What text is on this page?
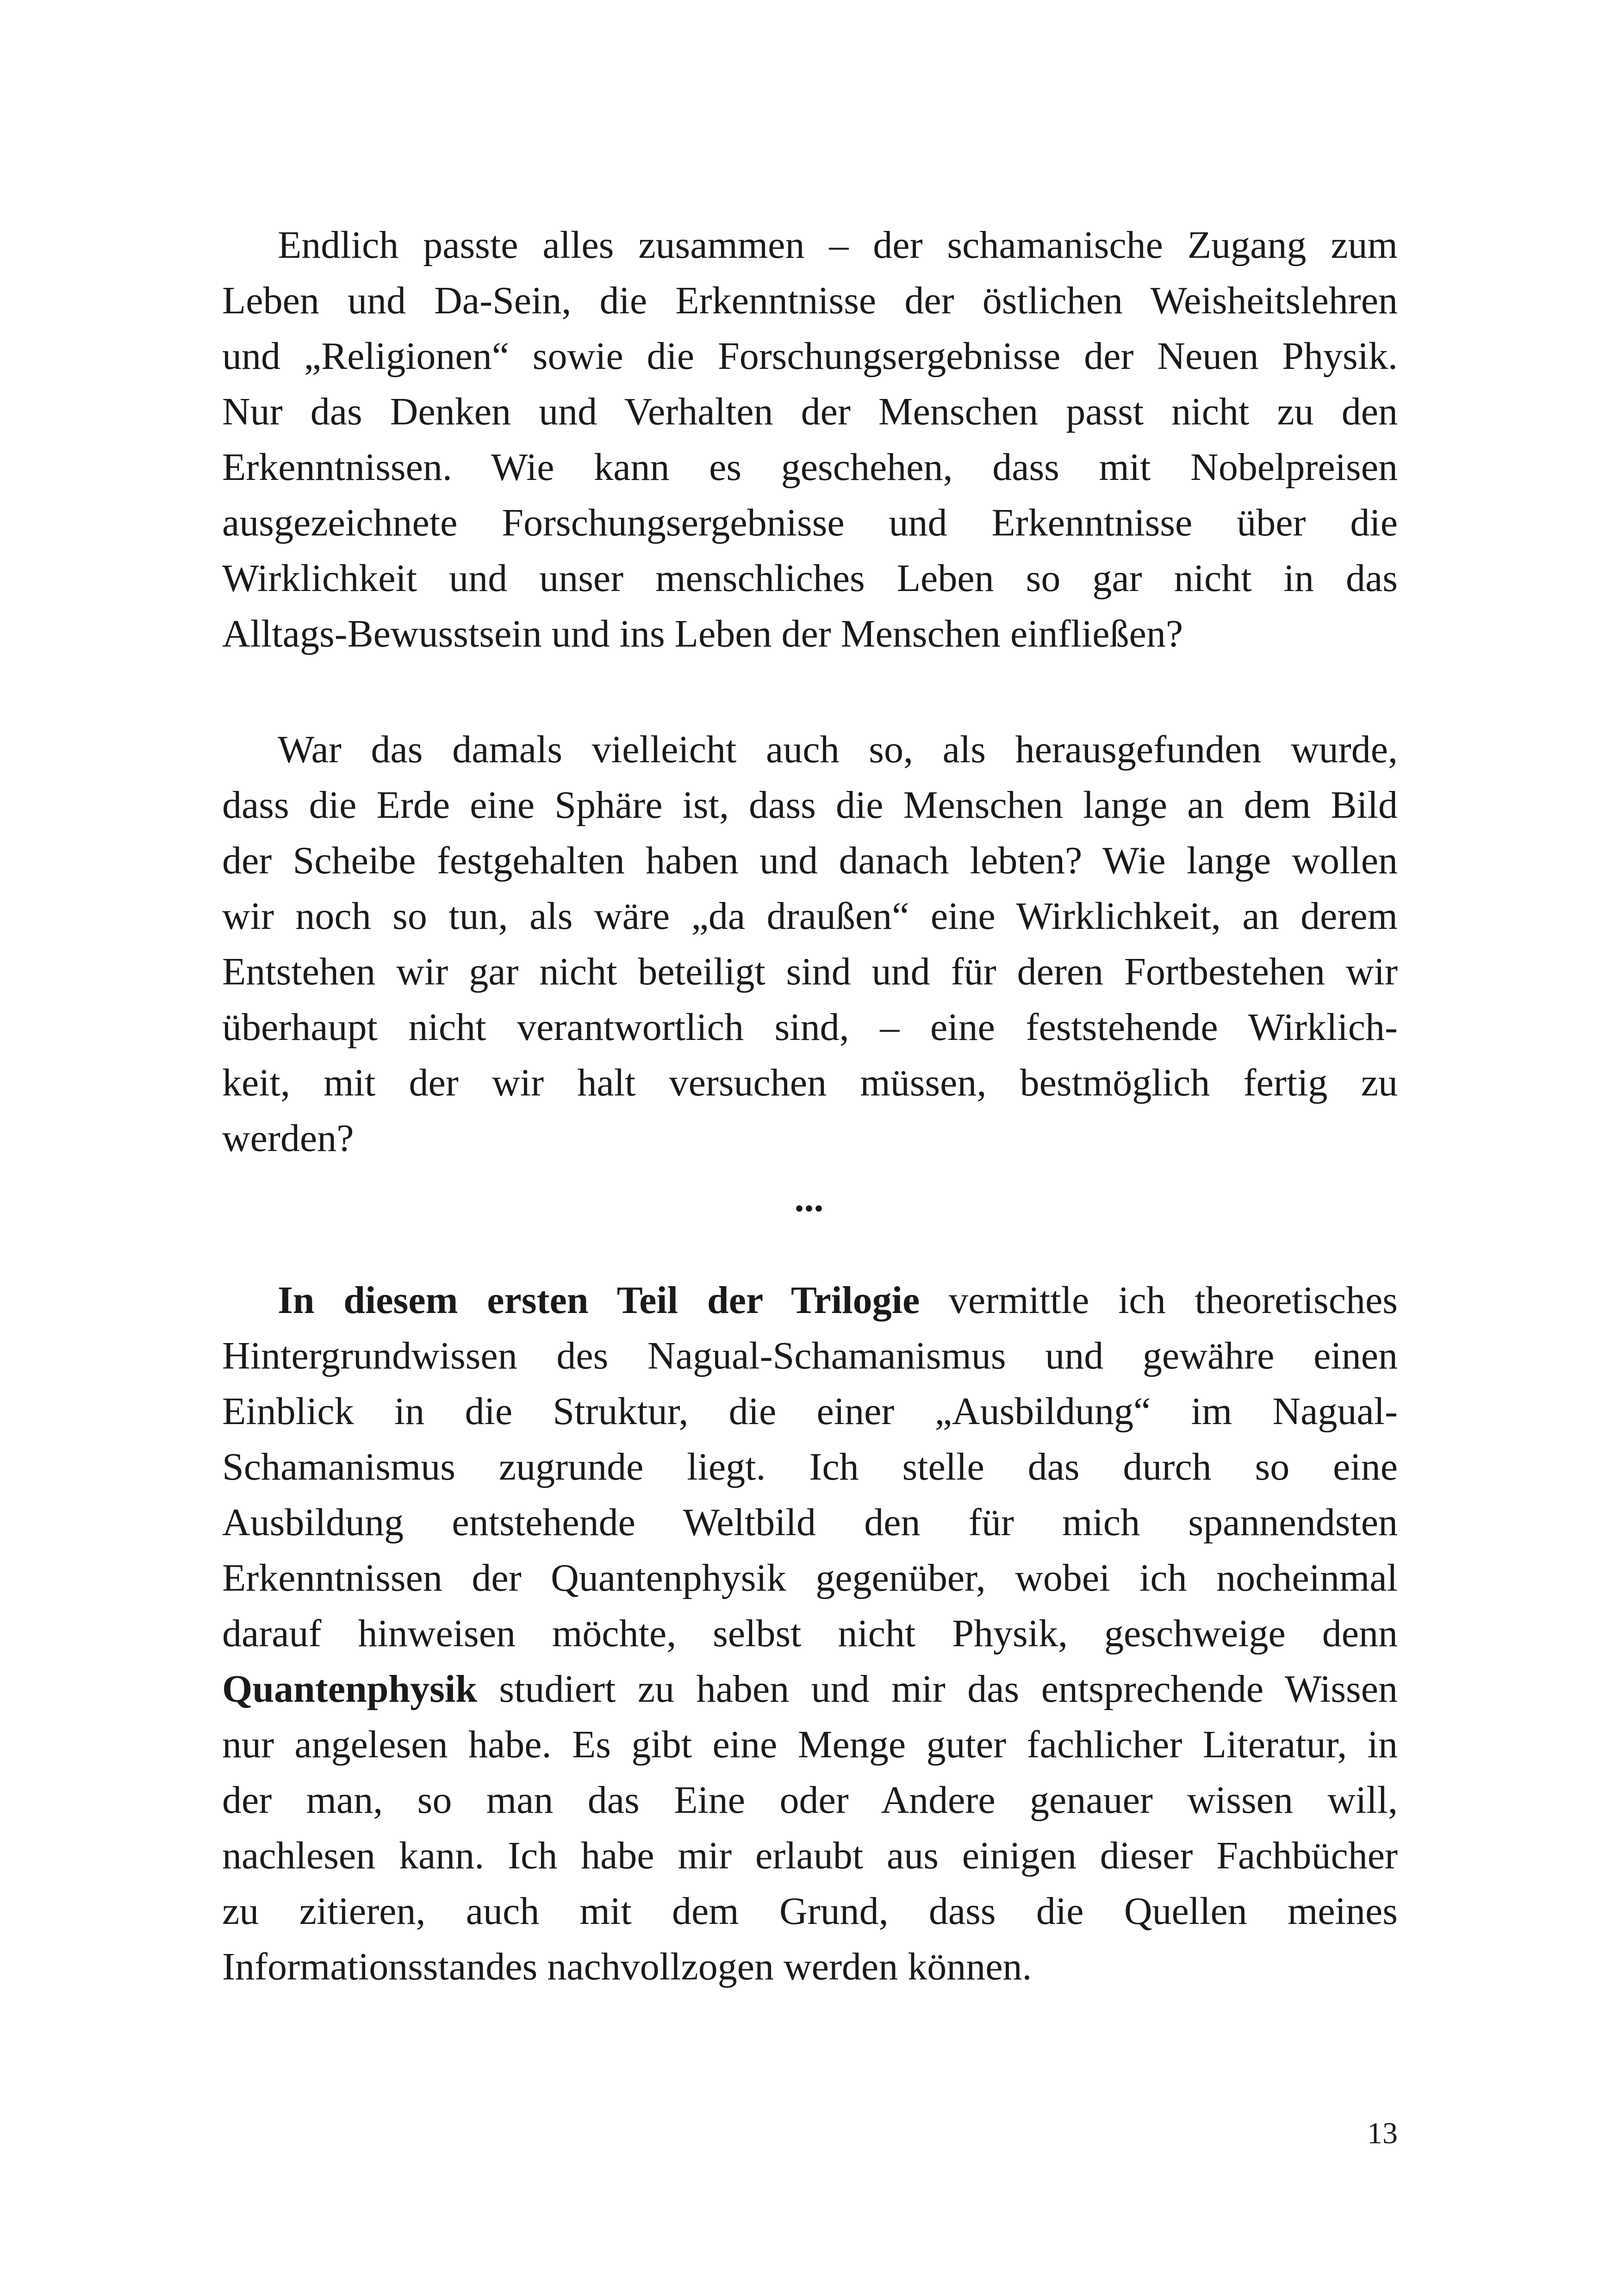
Endlich passte alles zusammen – der schamanische Zugang zum
Leben und Da-Sein, die Erkenntnisse der östlichen Weisheitslehren
und „Religionen“ sowie die Forschungsergebnisse der Neuen Physik.
Nur das Denken und Verhalten der Menschen passt nicht zu den
Erkenntnissen. Wie kann es geschehen, dass mit Nobelpreisen
ausgezeichnete Forschungsergebnisse und Erkenntnisse über die
Wirklichkeit und unser menschliches Leben so gar nicht in das
Alltags-Bewusstsein und ins Leben der Menschen einfließen?
War das damals vielleicht auch so, als herausgefunden wurde,
dass die Erde eine Sphäre ist, dass die Menschen lange an dem Bild
der Scheibe festgehalten haben und danach lebten? Wie lange wollen
wir noch so tun, als wäre „da draußen“ eine Wirklichkeit, an derem
Entstehen wir gar nicht beteiligt sind und für deren Fortbestehen wir
überhaupt nicht verantwortlich sind, – eine feststehende Wirklich-
keit, mit der wir halt versuchen müssen, bestmöglich fertig zu
werden?
...
In diesem ersten Teil der Trilogie vermittle ich theoretisches
Hintergrundwissen des Nagual-Schamanismus und gewähre einen
Einblick in die Struktur, die einer „Ausbildung“ im Nagual-
Schamanismus zugrunde liegt. Ich stelle das durch so eine
Ausbildung entstehende Weltbild den für mich spannendsten
Erkenntnissen der Quantenphysik gegenüber, wobei ich nocheinmal
darauf hinweisen möchte, selbst nicht Physik, geschweige denn
Quantenphysik studiert zu haben und mir das entsprechende Wissen
nur angelesen habe. Es gibt eine Menge guter fachlicher Literatur, in
der man, so man das Eine oder Andere genauer wissen will,
nachlesen kann. Ich habe mir erlaubt aus einigen dieser Fachbücher
zu zitieren, auch mit dem Grund, dass die Quellen meines
Informationsstandes nachvollzogen werden können.
13
